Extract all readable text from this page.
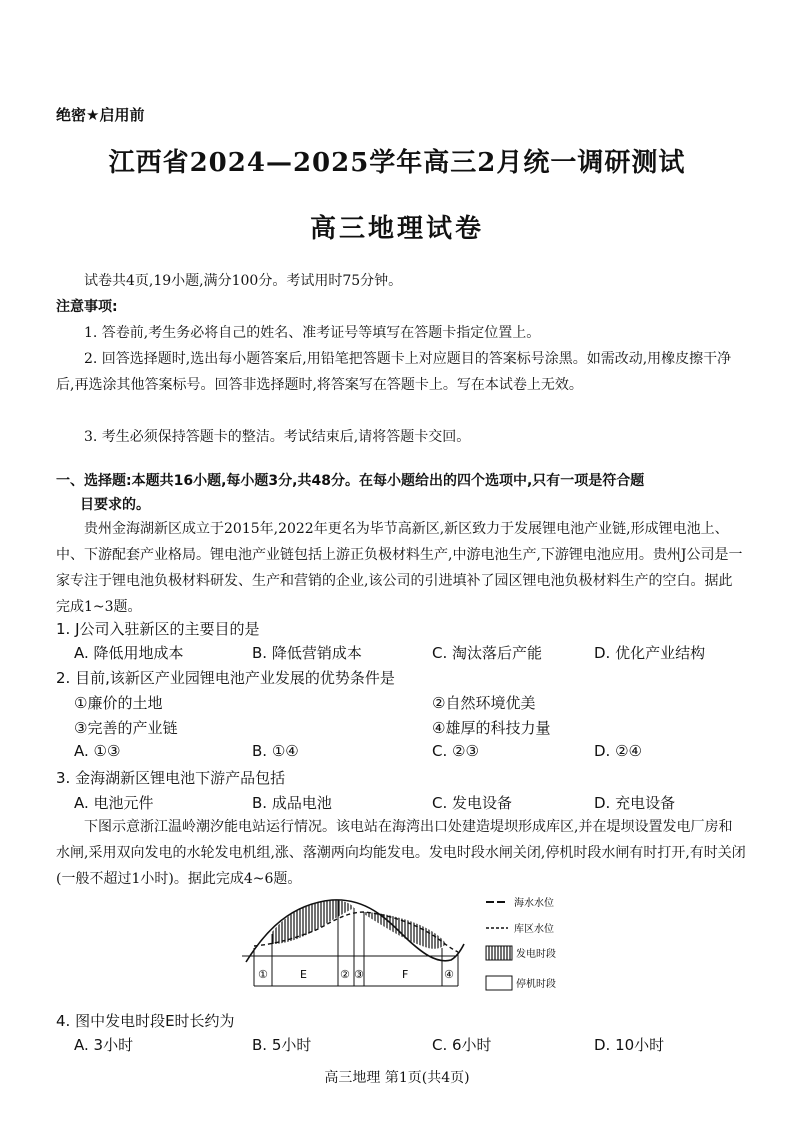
绝密★启用前
江西省2024—2025学年高三2月统一调研测试
高三地理试卷
试卷共4页,19小题,满分100分。考试用时75分钟。
注意事项:
1. 答卷前,考生务必将自己的姓名、准考证号等填写在答题卡指定位置上。
2. 回答选择题时,选出每小题答案后,用铅笔把答题卡上对应题目的答案标号涂黑。如需改动,用橡皮擦干净后,再选涂其他答案标号。回答非选择题时,将答案写在答题卡上。写在本试卷上无效。
3. 考生必须保持答题卡的整洁。考试结束后,请将答题卡交回。
一、选择题:本题共16小题,每小题3分,共48分。在每小题给出的四个选项中,只有一项是符合题
目要求的。
贵州金海湖新区成立于2015年,2022年更名为毕节高新区,新区致力于发展锂电池产业链,形成锂电池上、中、下游配套产业格局。锂电池产业链包括上游正负极材料生产,中游电池生产,下游锂电池应用。贵州J公司是一家专注于锂电池负极材料研发、生产和营销的企业,该公司的引进填补了园区锂电池负极材料生产的空白。据此完成1~3题。
1. J公司入驻新区的主要目的是
A. 降低用地成本	B. 降低营销成本	C. 淘汰落后产能	D. 优化产业结构
2. 目前,该新区产业园锂电池产业发展的优势条件是
①廉价的土地	②自然环境优美
③完善的产业链	④雄厚的科技力量
A. ①③	B. ①④	C. ②③	D. ②④
3. 金海湖新区锂电池下游产品包括
A. 电池元件	B. 成品电池	C. 发电设备	D. 充电设备
下图示意浙江温岭潮汐能电站运行情况。该电站在海湾出口处建造堤坝形成库区,并在堤坝设置发电厂房和水闸,采用双向发电的水轮发电机组,涨、落潮两向均能发电。发电时段水闸关闭,停机时段水闸有时打开,有时关闭(一般不超过1小时)。据此完成4~6题。
①	E	② ③	F	④
海水水位
库区水位
发电时段
停机时段
4. 图中发电时段E时长约为
A. 3小时	B. 5小时	C. 6小时	D. 10小时
高三地理 第1页(共4页)
